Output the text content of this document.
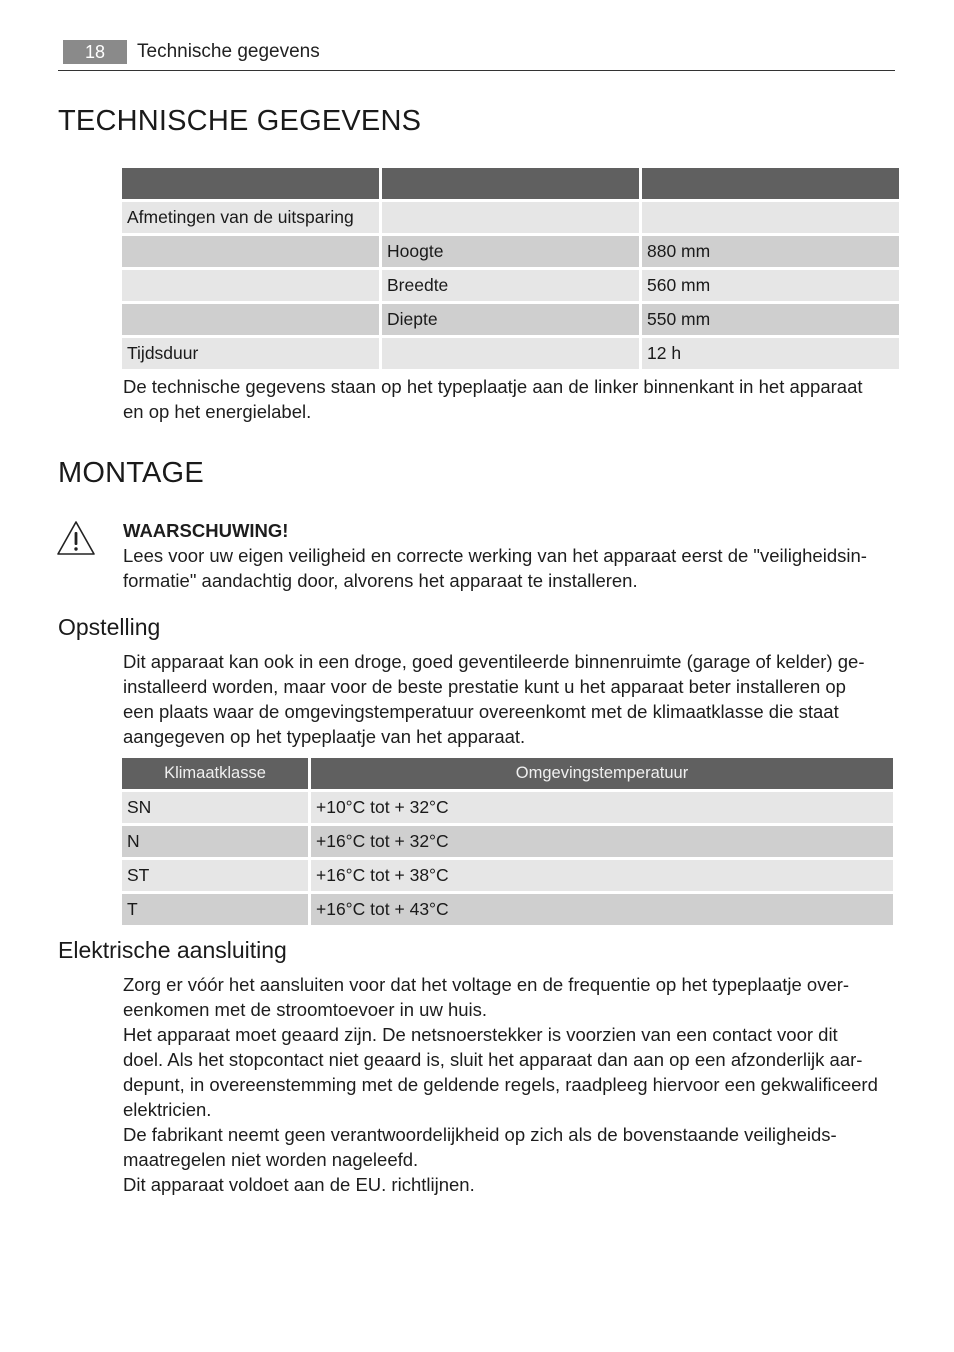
18	Technische gegevens
TECHNISCHE GEGEVENS

Afmetingen van de uitsparing		
	Hoogte	880 mm
	Breedte	560 mm
	Diepte	550 mm
Tijdsduur		12 h

De technische gegevens staan op het typeplaatje aan de linker binnenkant in het apparaat

en op het energielabel.

MONTAGE

WAARSCHUWING!

Lees voor uw eigen veiligheid en correcte werking van het apparaat eerst de "veiligheidsin-

formatie" aandachtig door, alvorens het apparaat te installeren.

Opstelling

Dit apparaat kan ook in een droge, goed geventileerde binnenruimte (garage of kelder) ge-

installeerd worden, maar voor de beste prestatie kunt u het apparaat beter installeren op

een plaats waar de omgevingstemperatuur overeenkomt met de klimaatklasse die staat

aangegeven op het typeplaatje van het apparaat.

Klimaatklasse	Omgevingstemperatuur
SN	+10°C tot + 32°C
N	+16°C tot + 32°C
ST	+16°C tot + 38°C
T	+16°C tot + 43°C
Elektrische aansluiting

Zorg er vóór het aansluiten voor dat het voltage en de frequentie op het typeplaatje over-

eenkomen met de stroomtoevoer in uw huis.

Het apparaat moet geaard zijn. De netsnoerstekker is voorzien van een contact voor dit

doel. Als het stopcontact niet geaard is, sluit het apparaat dan aan op een afzonderlijk aar-

depunt, in overeenstemming met de geldende regels, raadpleeg hiervoor een gekwalificeerd

elektricien.

De fabrikant neemt geen verantwoordelijkheid op zich als de bovenstaande veiligheids-

maatregelen niet worden nageleefd.

Dit apparaat voldoet aan de EU. richtlijnen.
